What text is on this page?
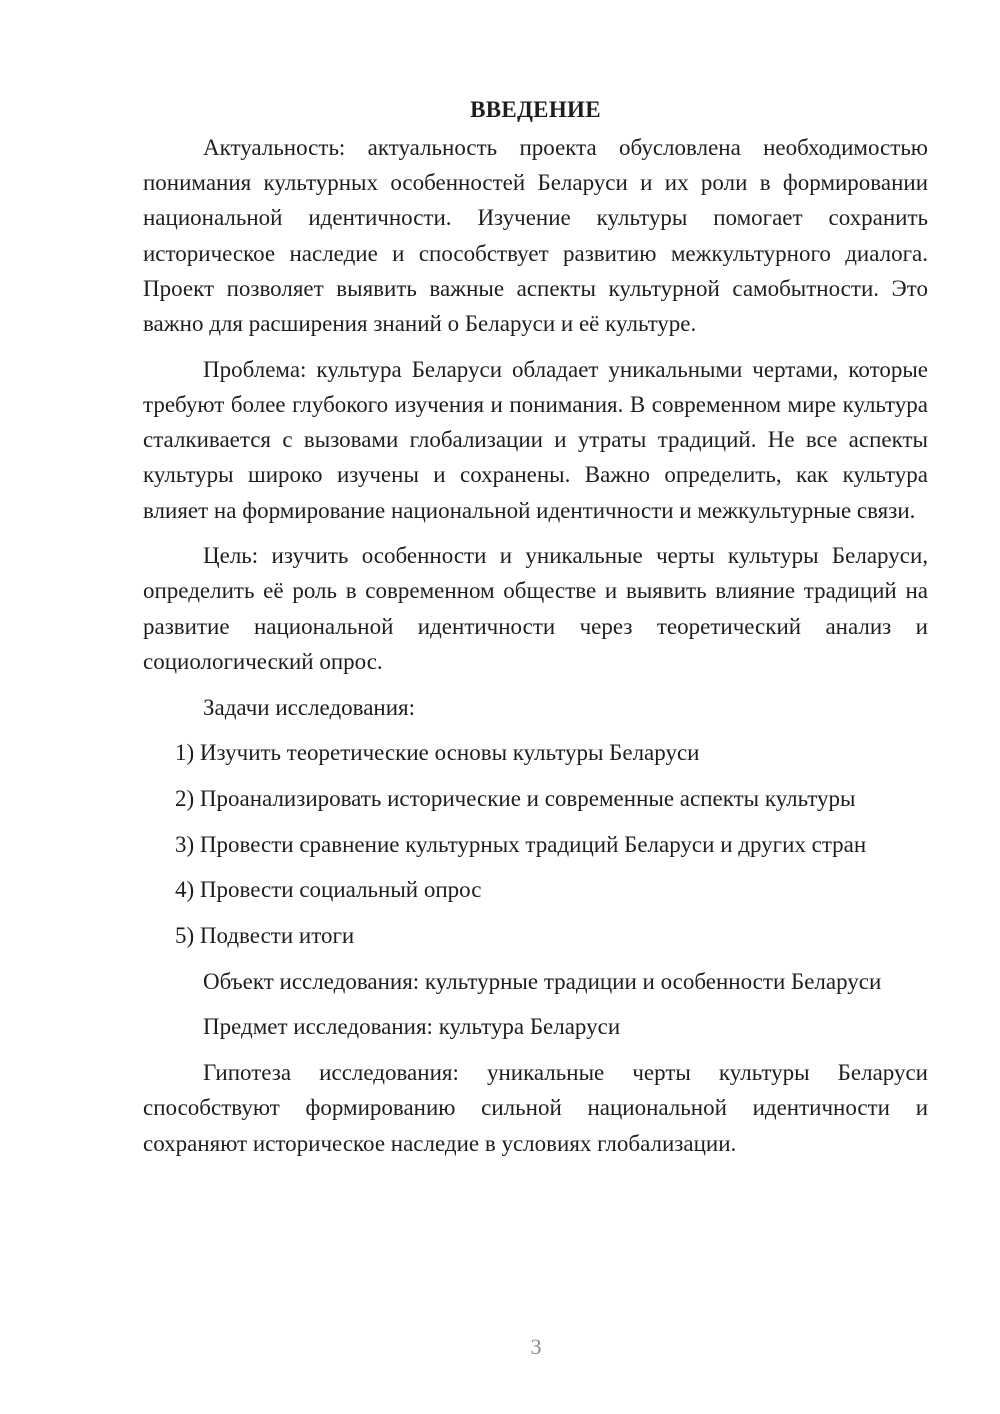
ВВЕДЕНИЕ

Актуальность: актуальность проекта обусловлена необходимостью понимания культурных особенностей Беларуси и их роли в формировании национальной идентичности. Изучение культуры помогает сохранить историческое наследие и способствует развитию межкультурного диалога. Проект позволяет выявить важные аспекты культурной самобытности. Это важно для расширения знаний о Беларуси и её культуре.

Проблема: культура Беларуси обладает уникальными чертами, которые требуют более глубокого изучения и понимания. В современном мире культура сталкивается с вызовами глобализации и утраты традиций. Не все аспекты культуры широко изучены и сохранены. Важно определить, как культура влияет на формирование национальной идентичности и межкультурные связи.

Цель: изучить особенности и уникальные черты культуры Беларуси, определить её роль в современном обществе и выявить влияние традиций на развитие национальной идентичности через теоретический анализ и социологический опрос.

Задачи исследования:

1) Изучить теоретические основы культуры Беларуси

2) Проанализировать исторические и современные аспекты культуры

3) Провести сравнение культурных традиций Беларуси и других стран

4) Провести социальный опрос

5) Подвести итоги

Объект исследования: культурные традиции и особенности Беларуси

Предмет исследования: культура Беларуси

Гипотеза исследования: уникальные черты культуры Беларуси способствуют формированию сильной национальной идентичности и сохраняют историческое наследие в условиях глобализации.

3
